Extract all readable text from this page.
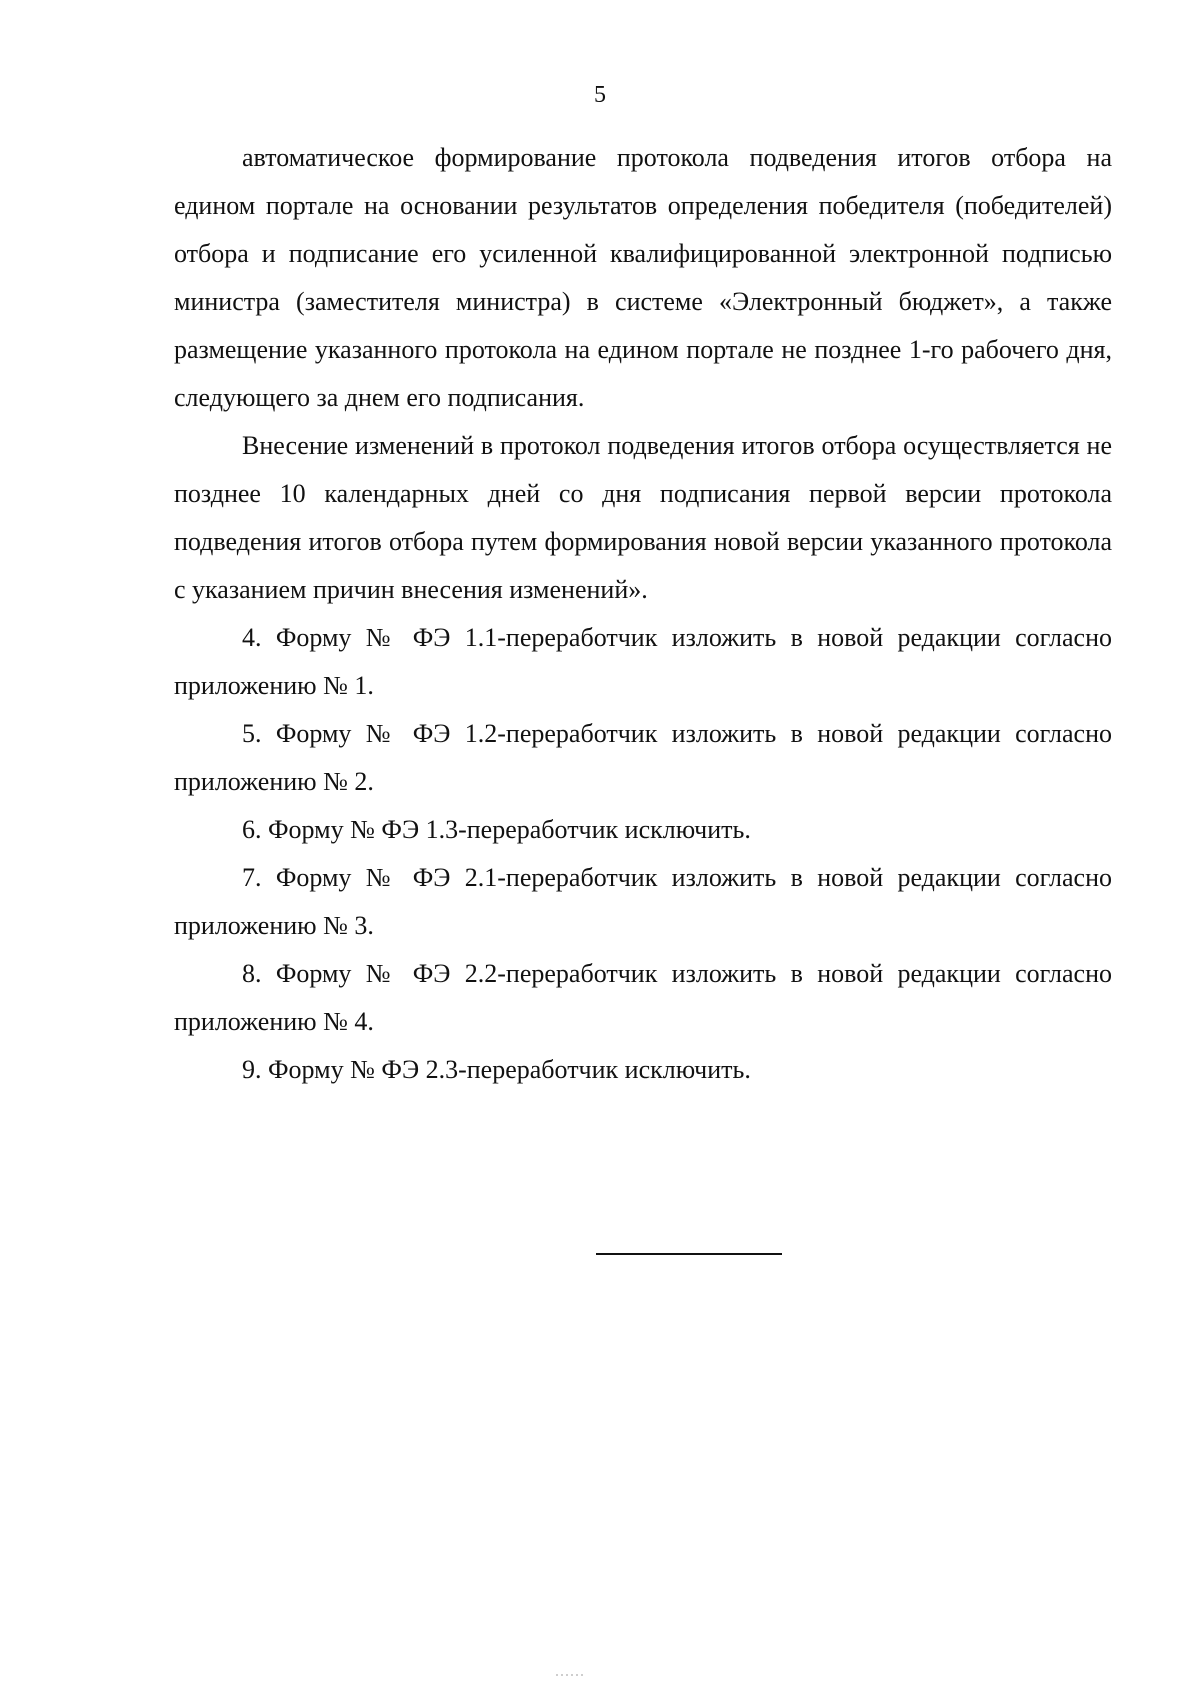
5

автоматическое формирование протокола подведения итогов отбора на едином портале на основании результатов определения победителя (победителей) отбора и подписание его усиленной квалифицированной электронной подписью министра (заместителя министра) в системе «Электронный бюджет», а также размещение указанного протокола на едином портале не позднее 1-го рабочего дня, следующего за днем его подписания.

Внесение изменений в протокол подведения итогов отбора осуществляется не позднее 10 календарных дней со дня подписания первой версии протокола подведения итогов отбора путем формирования новой версии указанного протокола с указанием причин внесения изменений».

4. Форму № ФЭ 1.1-переработчик изложить в новой редакции согласно приложению № 1.

5. Форму № ФЭ 1.2-переработчик изложить в новой редакции согласно приложению № 2.

6. Форму № ФЭ 1.3-переработчик исключить.

7. Форму № ФЭ 2.1-переработчик изложить в новой редакции согласно приложению № 3.

8. Форму № ФЭ 2.2-переработчик изложить в новой редакции согласно приложению № 4.

9. Форму № ФЭ 2.3-переработчик исключить.
